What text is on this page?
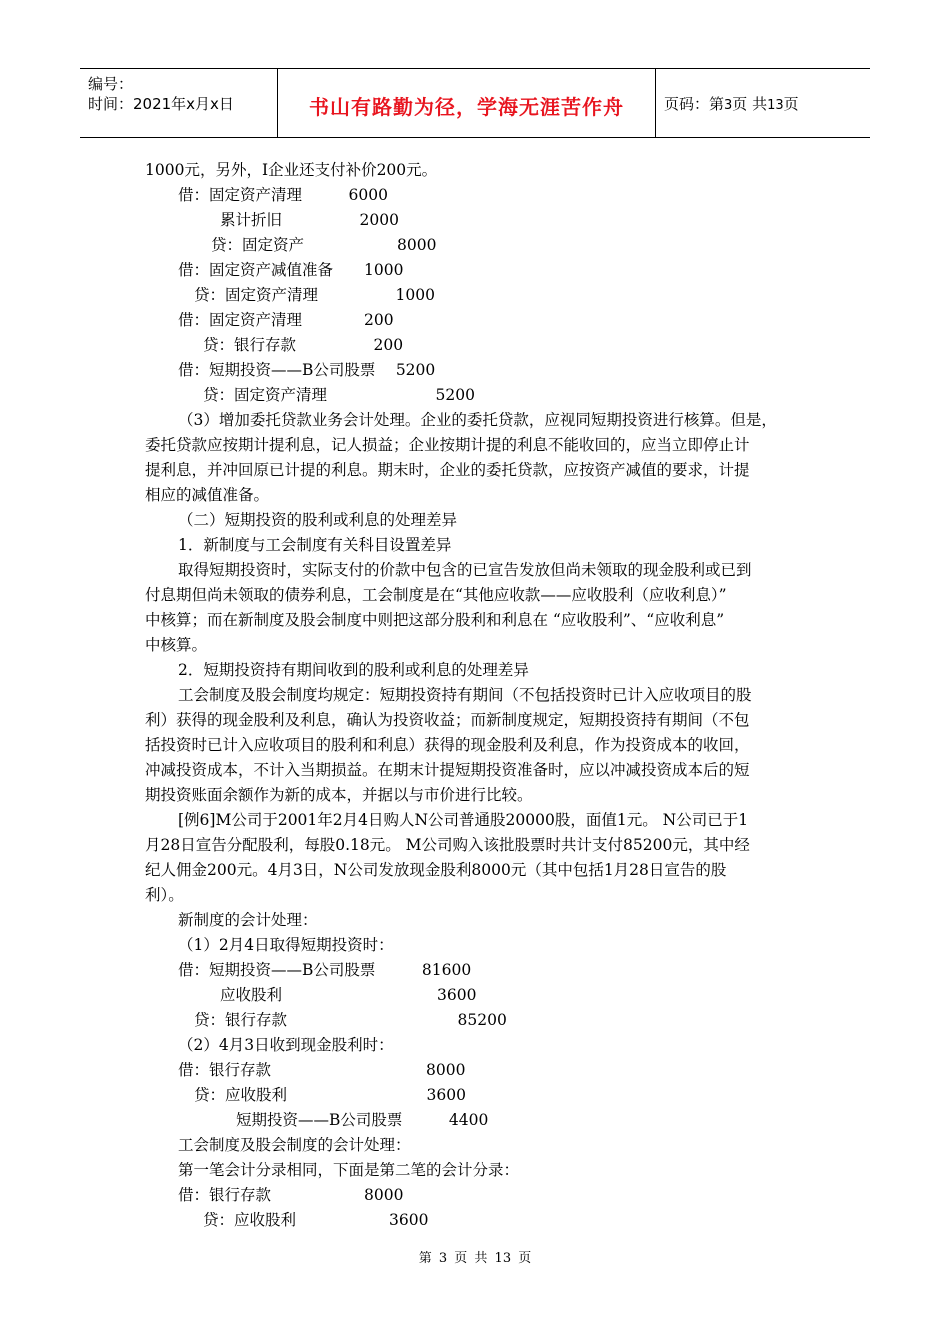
编号：
时间：2021年x月x日	书山有路勤为径，学海无涯苦作舟	页码：第3页 共13页
1000元，另外，I企业还支付补价200元。
借：固定资产清理　　　6000
累计折旧　　　　　2000
贷：固定资产　　　　　　8000
借：固定资产减值准备　　1000
贷：固定资产清理　　　　　1000
借：固定资产清理　　　　200
贷：银行存款　　　　　200
借：短期投资——B公司股票　 5200
贷：固定资产清理　　　　　　　5200
（3）增加委托贷款业务会计处理。企业的委托贷款，应视同短期投资进行核算。但是，
委托贷款应按期计提利息，记人损益；企业按期计提的利息不能收回的，应当立即停止计
提利息，并冲回原已计提的利息。期末时，企业的委托贷款，应按资产减值的要求，计提
相应的减值准备。
（二）短期投资的股利或利息的处理差异
1．新制度与工会制度有关科目设置差异
取得短期投资时，实际支付的价款中包含的已宣告发放但尚未领取的现金股利或已到
付息期但尚未领取的债券利息，工会制度是在“其他应收款——应收股利（应收利息）”
中核算；而在新制度及股会制度中则把这部分股利和利息在 “应收股利”、“应收利息”
中核算。
2．短期投资持有期间收到的股利或利息的处理差异
工会制度及股会制度均规定：短期投资持有期间（不包括投资时已计入应收项目的股
利）获得的现金股利及利息，确认为投资收益；而新制度规定，短期投资持有期间（不包
括投资时已计入应收项目的股利和利息）获得的现金股利及利息，作为投资成本的收回，
冲减投资成本，不计入当期损益。在期末计提短期投资准备时，应以冲减投资成本后的短
期投资账面余额作为新的成本，并据以与市价进行比较。
[例6]M公司于2001年2月4日购人N公司普通股20000股，面值1元。 N公司已于1
月28日宣告分配股利，每股0.18元。 M公司购入该批股票时共计支付85200元，其中经
纪人佣金200元。4月3日，N公司发放现金股利8000元（其中包括1月28日宣告的股
利）。
新制度的会计处理：
（1）2月4日取得短期投资时：
借：短期投资——B公司股票　　　81600
应收股利　　　　　　　　　　3600
贷：银行存款　　　　　　　　　　　85200
（2）4月3日收到现金股利时：
借：银行存款　　　　　　　　　　8000
贷：应收股利　　　　　　　　　3600
短期投资——B公司股票　　　4400
工会制度及股会制度的会计处理：
第一笔会计分录相同，下面是第二笔的会计分录：
借：银行存款　　　　　　8000
贷：应收股利　　　　　　3600
第 3 页 共 13 页
